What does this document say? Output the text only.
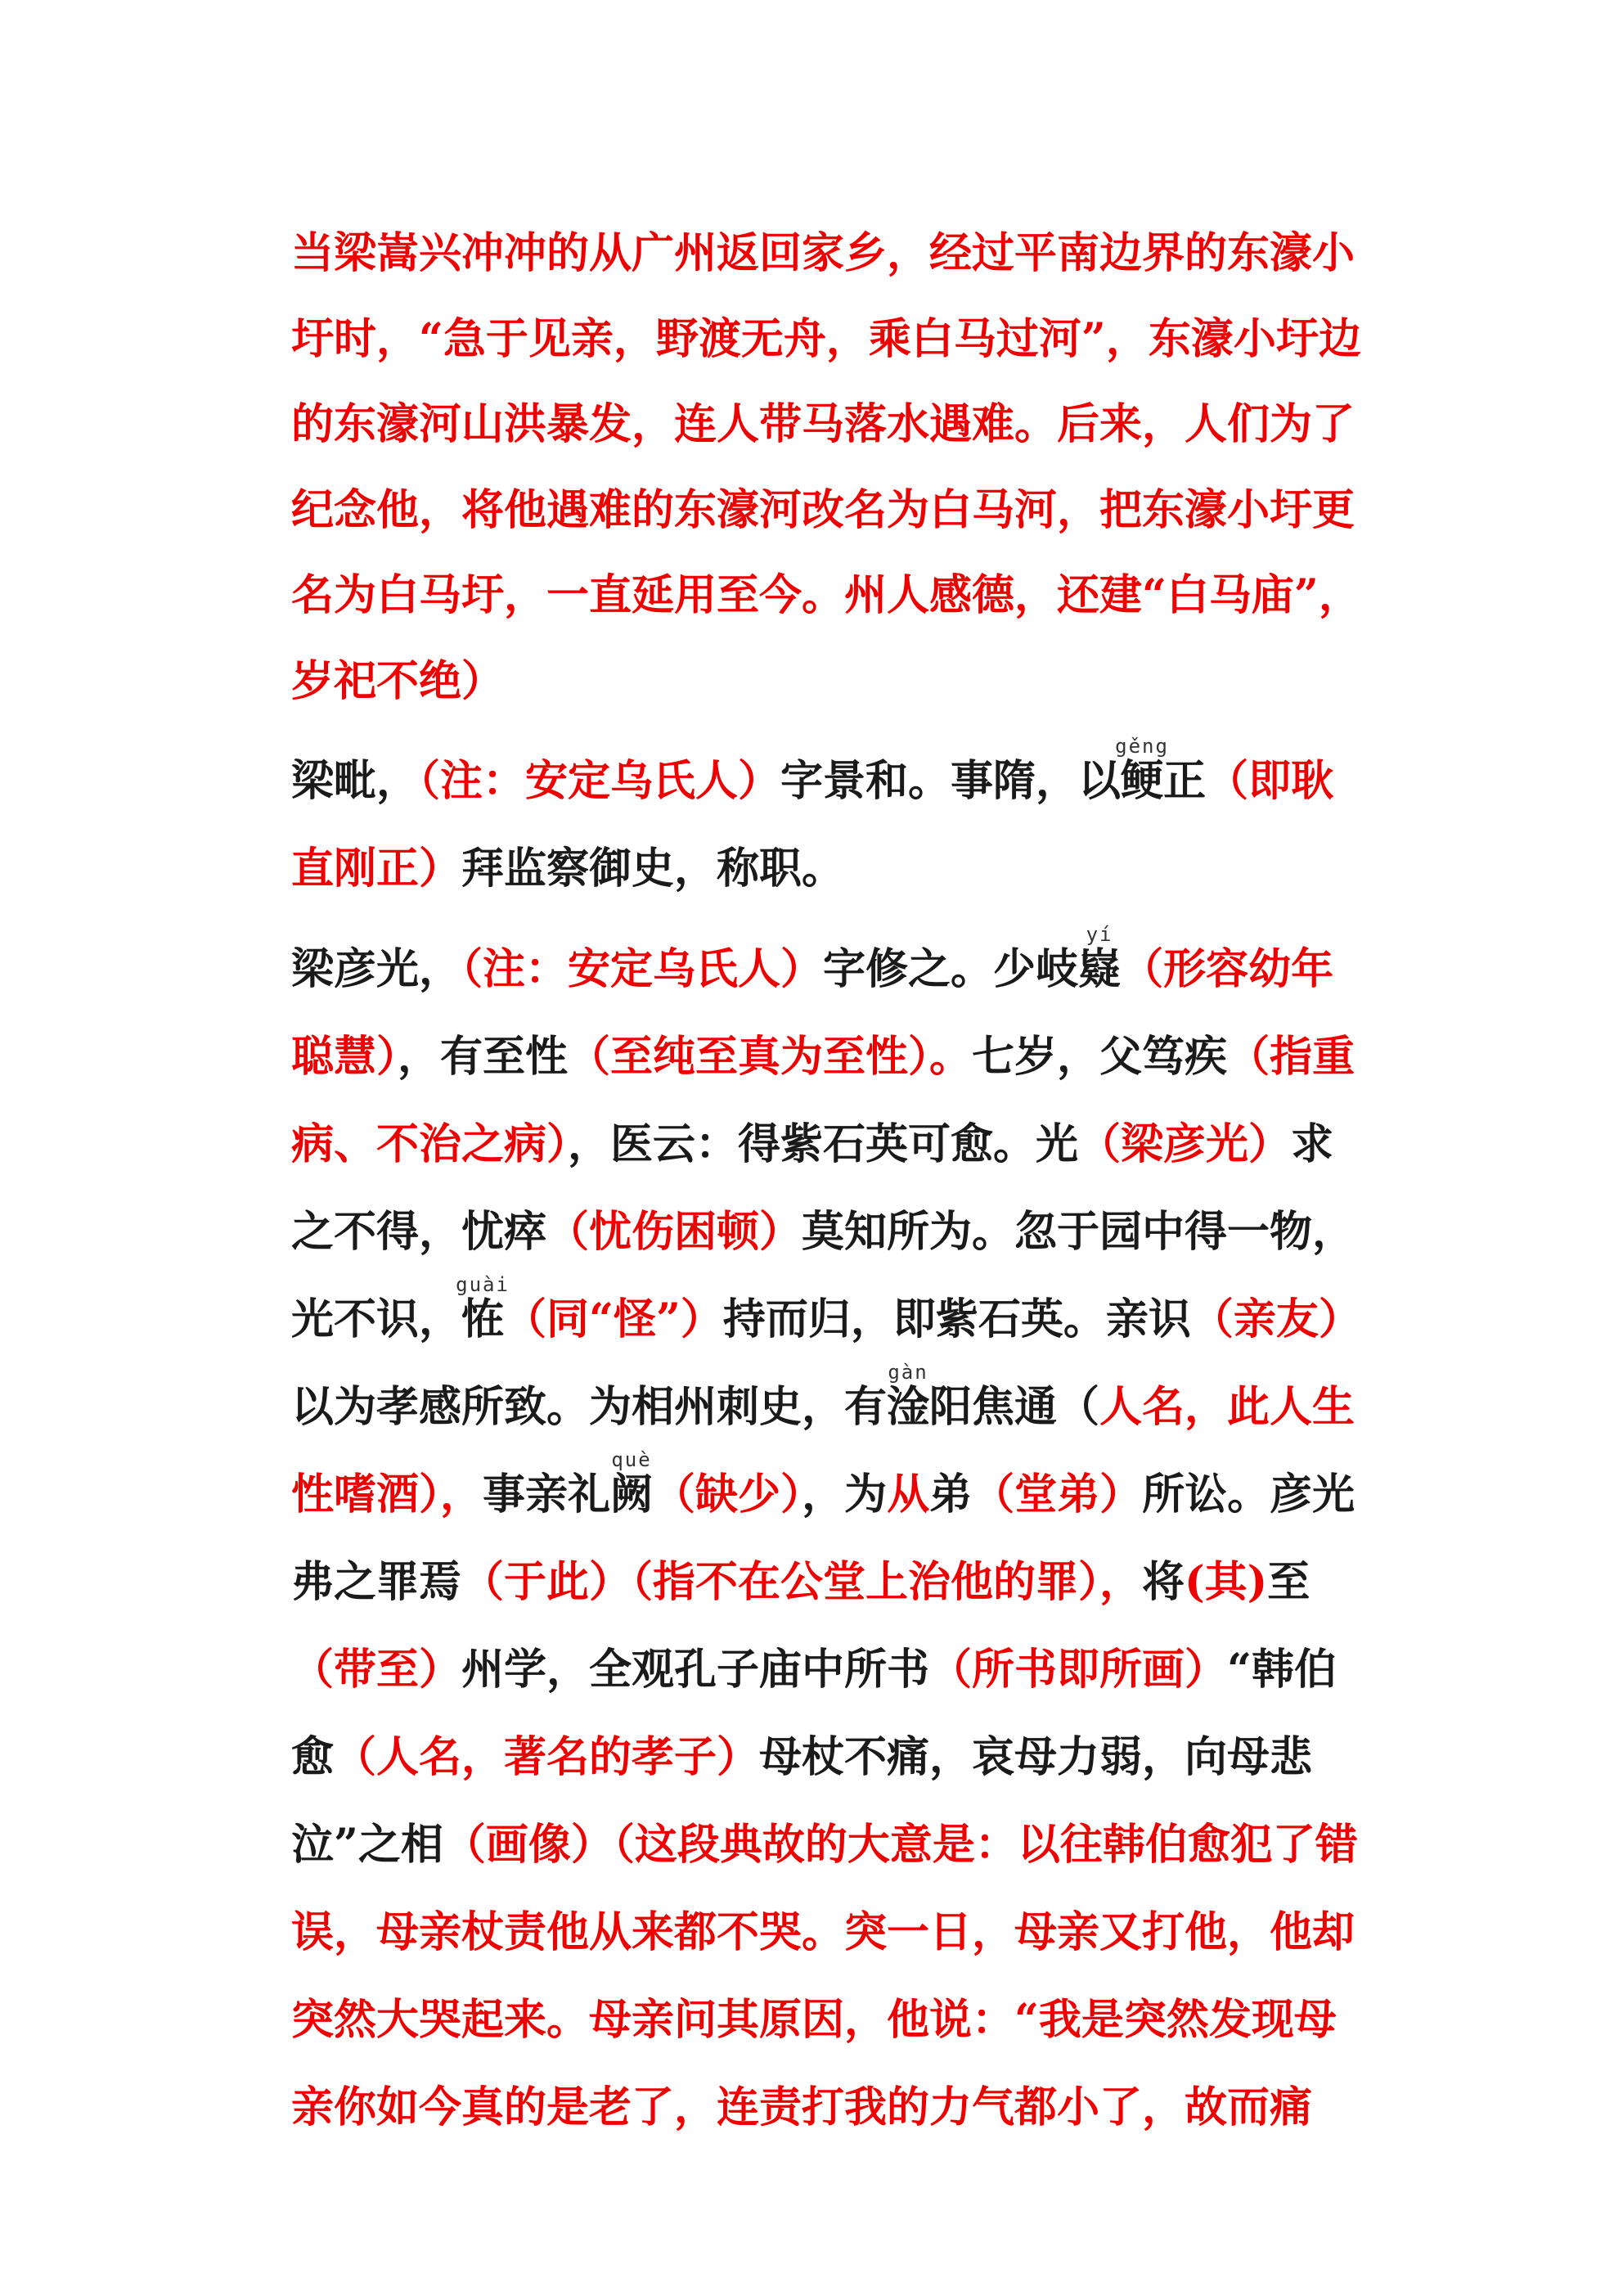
当梁嵩兴冲冲的从广州返回家乡，经过平南边界的东濠小圩时，“急于见亲，野渡无舟，乘白马过河”，东濠小圩边的东濠河山洪暴发，连人带马落水遇难。后来，人们为了纪念他，将他遇难的东濠河改名为白马河，把东濠小圩更名为白马圩，一直延用至今。州人感德，还建“白马庙”，岁祀不绝）

梁毗，（注：安定乌氏人）字景和。事隋，以鲠gěng正（即耿直刚正）拜监察御史，称职。

梁彦光，（注：安定乌氏人）字修之。少岐嶷yí（形容幼年聪慧），有至性（至纯至真为至性）。七岁，父笃疾（指重病、不治之病），医云：得紫石英可愈。光（梁彦光）求之不得，忧瘁（忧伤困顿）莫知所为。忽于园中得一物，光不识，恠guài（同“怪”）持而归，即紫石英。亲识（亲友）以为孝感所致。为相州刺史，有淦gàn阳焦通（人名，此人生性嗜酒），事亲礼阙què（缺少），为从弟（堂弟）所讼。彦光弗之罪焉（于此）（指不在公堂上治他的罪），将(其)至（带至）州学，全观孔子庙中所书（所书即所画）“韩伯愈（人名，著名的孝子）母杖不痛，哀母力弱，向母悲泣”之相（画像）（这段典故的大意是：以往韩伯愈犯了错误，母亲杖责他从来都不哭。突一日，母亲又打他，他却突然大哭起来。母亲问其原因，他说：“我是突然发现母亲你如今真的是老了，连责打我的力气都小了，故而痛
